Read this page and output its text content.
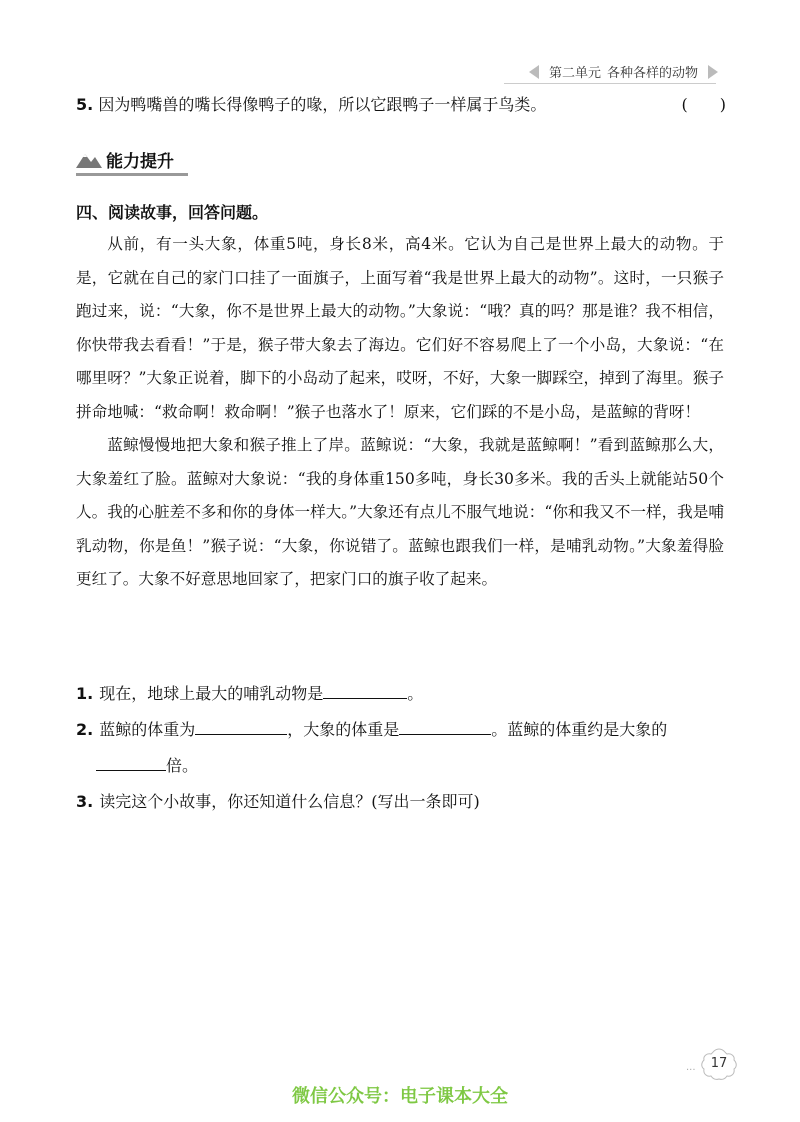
第二单元 各种各样的动物
5. 因为鸭嘴兽的嘴长得像鸭子的喙，所以它跟鸭子一样属于鸟类。	(　　)
能力提升
四、阅读故事，回答问题。

从前，有一头大象，体重5吨，身长8米，高4米。它认为自己是世界上最大的动物。于是，它就在自己的家门口挂了一面旗子，上面写着“我是世界上最大的动物”。这时，一只猴子跑过来，说：“大象，你不是世界上最大的动物。”大象说：“哦？真的吗？那是谁？我不相信，你快带我去看看！”于是，猴子带大象去了海边。它们好不容易爬上了一个小岛，大象说：“在哪里呀？”大象正说着，脚下的小岛动了起来，哎呀，不好，大象一脚踩空，掉到了海里。猴子拼命地喊：“救命啊！救命啊！”猴子也落水了！原来，它们踩的不是小岛，是蓝鲸的背呀！

蓝鲸慢慢地把大象和猴子推上了岸。蓝鲸说：“大象，我就是蓝鲸啊！”看到蓝鲸那么大，大象羞红了脸。蓝鲸对大象说：“我的身体重150多吨，身长30多米。我的舌头上就能站50个人。我的心脏差不多和你的身体一样大。”大象还有点儿不服气地说：“你和我又不一样，我是哺乳动物，你是鱼！”猴子说：“大象，你说错了。蓝鲸也跟我们一样，是哺乳动物。”大象羞得脸更红了。大象不好意思地回家了，把家门口的旗子收了起来。

1. 现在，地球上最大的哺乳动物是	。
2. 蓝鲸的体重为	，大象的体重是	。蓝鲸的体重约是大象的
倍。
3. 读完这个小故事，你还知道什么信息？(写出一条即可)
···	17
微信公众号：电子课本大全
